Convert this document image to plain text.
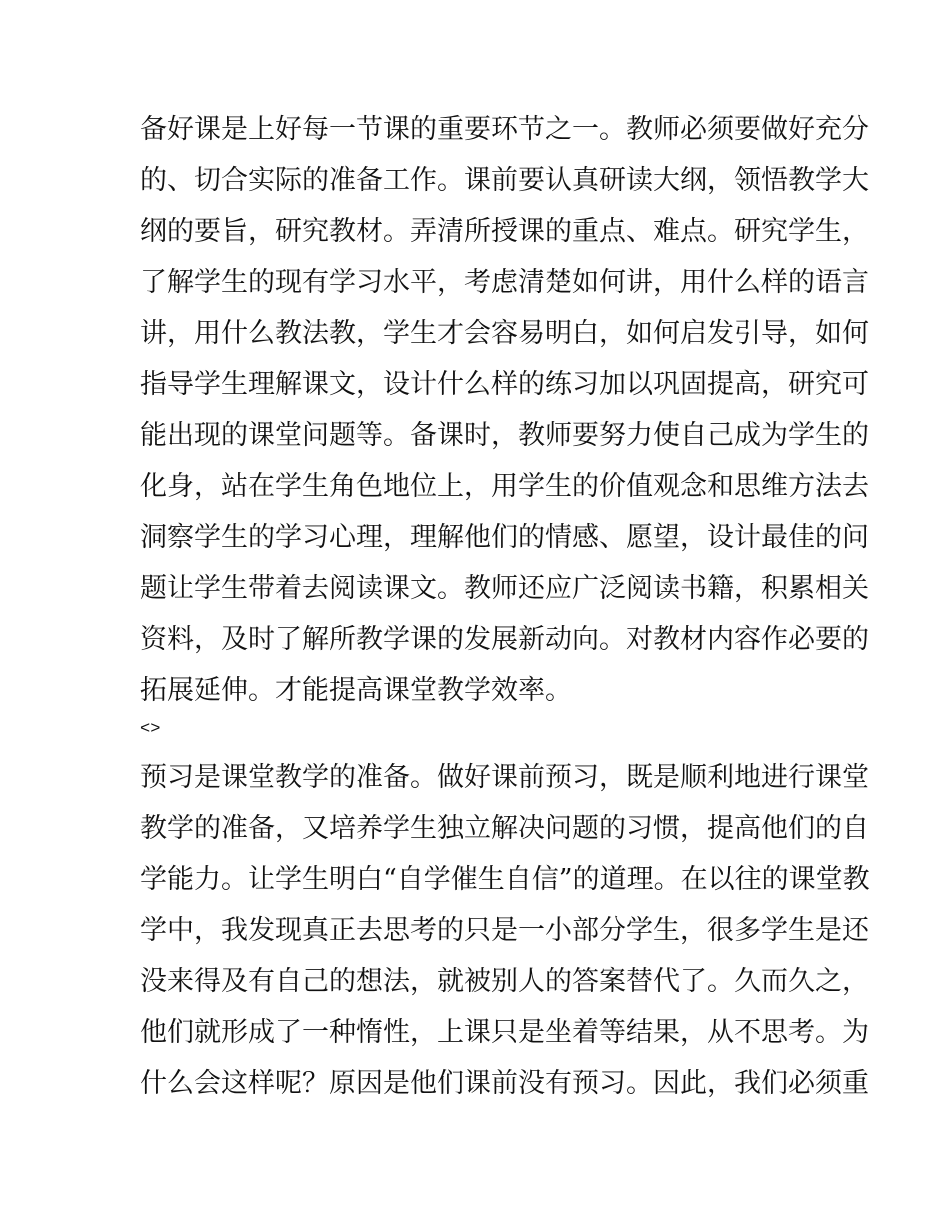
备好课是上好每一节课的重要环节之一。教师必须要做好充分
的、切合实际的准备工作。课前要认真研读大纲，领悟教学大
纲的要旨，研究教材。弄清所授课的重点、难点。研究学生，
了解学生的现有学习水平，考虑清楚如何讲，用什么样的语言
讲，用什么教法教，学生才会容易明白，如何启发引导，如何
指导学生理解课文，设计什么样的练习加以巩固提高，研究可
能出现的课堂问题等。备课时，教师要努力使自己成为学生的
化身，站在学生角色地位上，用学生的价值观念和思维方法去
洞察学生的学习心理，理解他们的情感、愿望，设计最佳的问
题让学生带着去阅读课文。教师还应广泛阅读书籍，积累相关
资料，及时了解所教学课的发展新动向。对教材内容作必要的
拓展延伸。才能提高课堂教学效率。
<>
预习是课堂教学的准备。做好课前预习，既是顺利地进行课堂
教学的准备，又培养学生独立解决问题的习惯，提高他们的自
学能力。让学生明白“自学催生自信”的道理。在以往的课堂教
学中，我发现真正去思考的只是一小部分学生，很多学生是还
没来得及有自己的想法，就被别人的答案替代了。久而久之，
他们就形成了一种惰性，上课只是坐着等结果，从不思考。为
什么会这样呢？原因是他们课前没有预习。因此，我们必须重
